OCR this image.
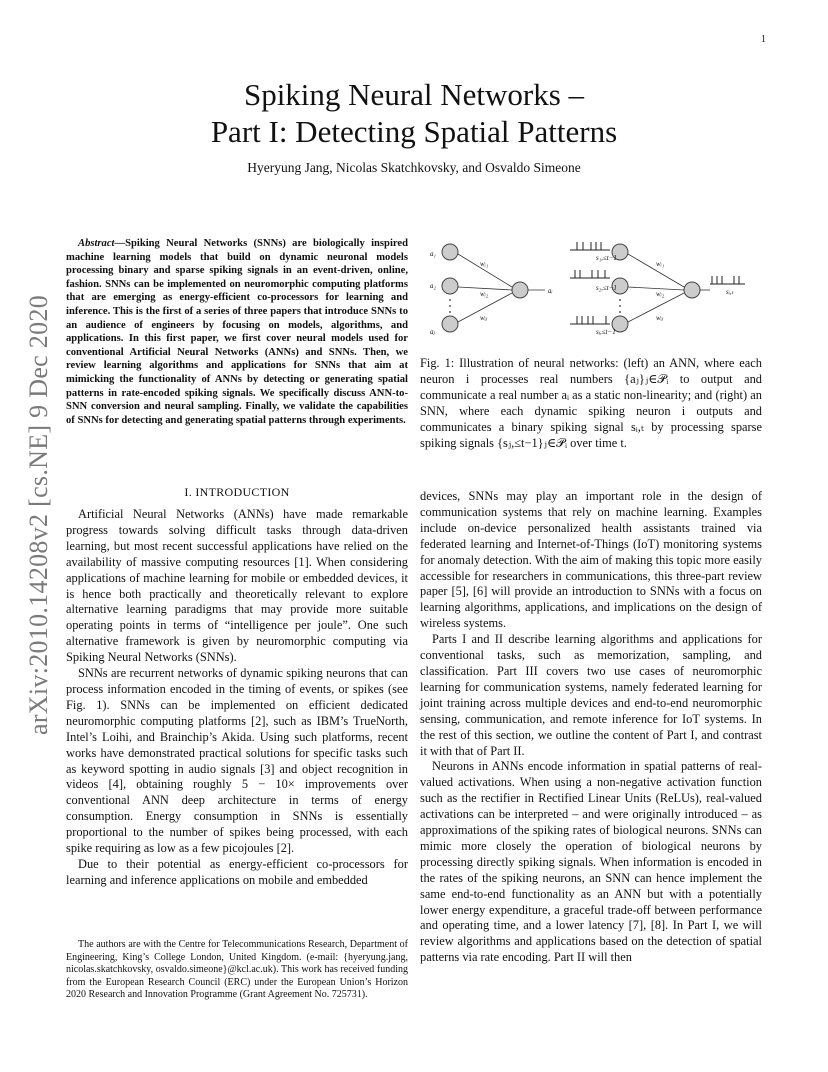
1
arXiv:2010.14208v2 [cs.NE] 9 Dec 2020
Spiking Neural Networks –
Part I: Detecting Spatial Patterns
Hyeryung Jang, Nicolas Skatchkovsky, and Osvaldo Simeone
Abstract—Spiking Neural Networks (SNNs) are biologically inspired machine learning models that build on dynamic neuronal models processing binary and sparse spiking signals in an event-driven, online, fashion. SNNs can be implemented on neuromorphic computing platforms that are emerging as energy-efficient co-processors for learning and inference. This is the first of a series of three papers that introduce SNNs to an audience of engineers by focusing on models, algorithms, and applications. In this first paper, we first cover neural models used for conventional Artificial Neural Networks (ANNs) and SNNs. Then, we review learning algorithms and applications for SNNs that aim at mimicking the functionality of ANNs by detecting or generating spatial patterns in rate-encoded spiking signals. We specifically discuss ANN-to-SNN conversion and neural sampling. Finally, we validate the capabilities of SNNs for detecting and generating spatial patterns through experiments.
I. INTRODUCTION

Artificial Neural Networks (ANNs) have made remarkable progress towards solving difficult tasks through data-driven learning, but most recent successful applications have relied on the availability of massive computing resources [1]. When considering applications of machine learning for mobile or embedded devices, it is hence both practically and theoretically relevant to explore alternative learning paradigms that may provide more suitable operating points in terms of “intelligence per joule”. One such alternative framework is given by neuromorphic computing via Spiking Neural Networks (SNNs).

SNNs are recurrent networks of dynamic spiking neurons that can process information encoded in the timing of events, or spikes (see Fig. 1). SNNs can be implemented on efficient dedicated neuromorphic computing platforms [2], such as IBM’s TrueNorth, Intel’s Loihi, and Brainchip’s Akida. Using such platforms, recent works have demonstrated practical solutions for specific tasks such as keyword spotting in audio signals [3] and object recognition in videos [4], obtaining roughly 5 − 10× improvements over conventional ANN deep architecture in terms of energy consumption. Energy consumption in SNNs is essentially proportional to the number of spikes being processed, with each spike requiring as low as a few picojoules [2].

Due to their potential as energy-efficient co-processors for learning and inference applications on mobile and embedded

The authors are with the Centre for Telecommunications Research, Department of Engineering, King’s College London, United Kingdom. (e-mail: {hyeryung.jang, nicolas.skatchkovsky, osvaldo.simeone}@kcl.ac.uk). This work has received funding from the European Research Council (ERC) under the European Union’s Horizon 2020 Research and Innovation Programme (Grant Agreement No. 725731).
a₁
a₂
aⱼ
aᵢ
wᵢ₁
wᵢ₂
wᵢⱼ
s₁,≤t−1
s₂,≤t−1
sⱼ,≤t−1
wᵢ₁
wᵢ₂
wᵢⱼ
sᵢ,ₜ
Fig. 1: Illustration of neural networks: (left) an ANN, where each neuron i processes real numbers {aⱼ}ⱼ∈𝒫ᵢ to output and communicate a real number aᵢ as a static non-linearity; and (right) an SNN, where each dynamic spiking neuron i outputs and communicates a binary spiking signal sᵢ,ₜ by processing sparse spiking signals {sⱼ,≤t−1}ⱼ∈𝒫ᵢ over time t.

devices, SNNs may play an important role in the design of communication systems that rely on machine learning. Examples include on-device personalized health assistants trained via federated learning and Internet-of-Things (IoT) monitoring systems for anomaly detection. With the aim of making this topic more easily accessible for researchers in communications, this three-part review paper [5], [6] will provide an introduction to SNNs with a focus on learning algorithms, applications, and implications on the design of wireless systems.

Parts I and II describe learning algorithms and applications for conventional tasks, such as memorization, sampling, and classification. Part III covers two use cases of neuromorphic learning for communication systems, namely federated learning for joint training across multiple devices and end-to-end neuromorphic sensing, communication, and remote inference for IoT systems. In the rest of this section, we outline the content of Part I, and contrast it with that of Part II.

Neurons in ANNs encode information in spatial patterns of real-valued activations. When using a non-negative activation function such as the rectifier in Rectified Linear Units (ReLUs), real-valued activations can be interpreted – and were originally introduced – as approximations of the spiking rates of biological neurons. SNNs can mimic more closely the operation of biological neurons by processing directly spiking signals. When information is encoded in the rates of the spiking neurons, an SNN can hence implement the same end-to-end functionality as an ANN but with a potentially lower energy expenditure, a graceful trade-off between performance and operating time, and a lower latency [7], [8]. In Part I, we will review algorithms and applications based on the detection of spatial patterns via rate encoding. Part II will then
